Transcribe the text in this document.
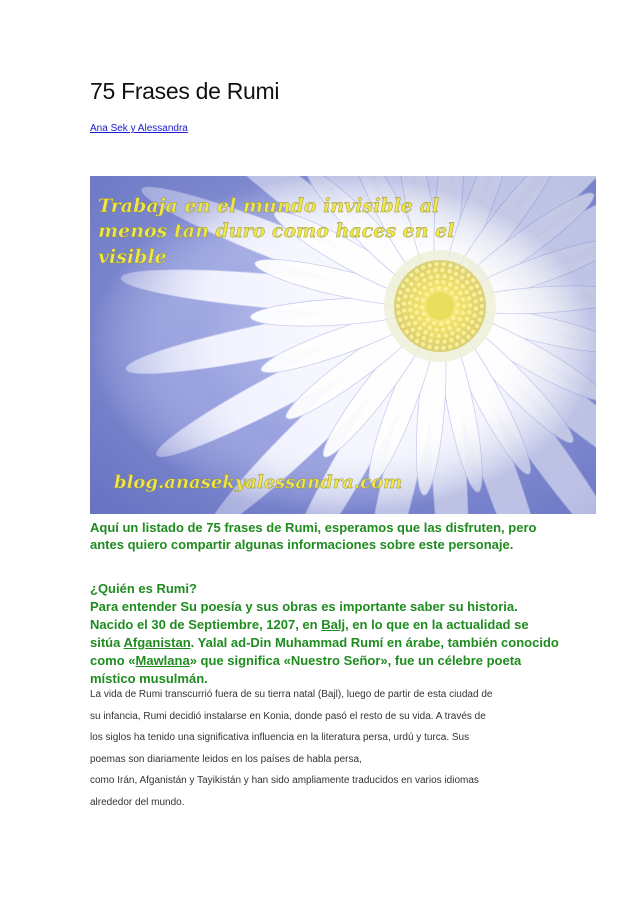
75 Frases de Rumi
Ana Sek y Alessandra
Trabaja en el mundo invisible al
menos tan duro como haces en el
visible
blog.anasekyalessandra.com

Aquí un listado de 75 frases de Rumi, esperamos que las disfruten, pero antes quiero compartir algunas informaciones sobre este personaje.

¿Quién es Rumi?
Para entender Su poesía y sus obras es importante saber su historia. Nacido el 30 de Septiembre, 1207, en Balj, en lo que en la actualidad se sitúa Afganistan. Yalal ad-Din Muhammad Rumí en árabe, también conocido como «Mawlana» que significa «Nuestro Señor», fue un célebre poeta místico musulmán.

La vida de Rumi transcurrió fuera de su tierra natal (Bajl), luego de partir de esta ciudad de
su infancia, Rumi decidió instalarse en Konia, donde pasó el resto de su vida. A través de
los siglos ha tenido una significativa influencia en la literatura persa, urdú y turca. Sus
poemas son diariamente leidos en los países de habla persa,
como Irán, Afganistán y Tayikistán y han sido ampliamente traducidos en varios idiomas
alrededor del mundo.
